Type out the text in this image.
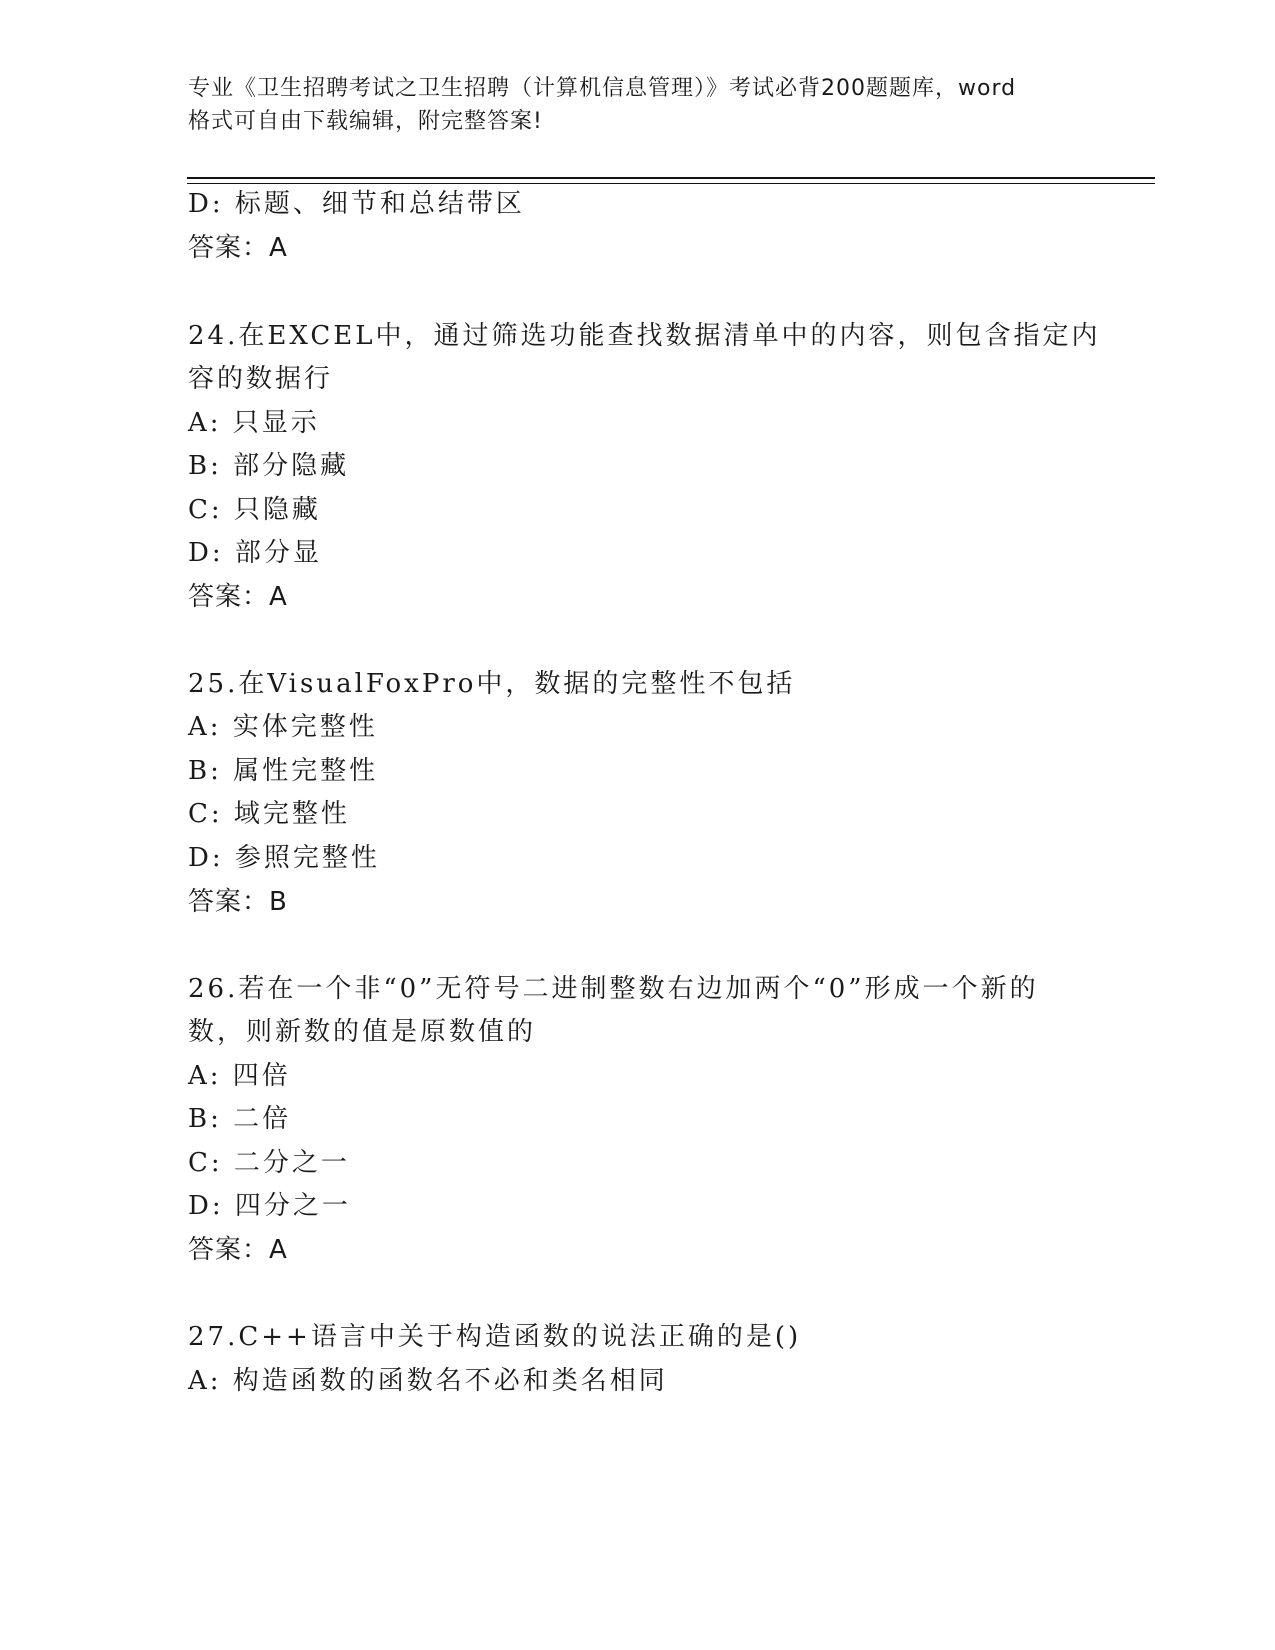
专业《卫生招聘考试之卫生招聘（计算机信息管理）》考试必背200题题库，word
格式可自由下载编辑，附完整答案!
D: 标题、细节和总结带区
答案：A
24.在EXCEL中，通过筛选功能查找数据清单中的内容，则包含指定内
容的数据行
A: 只显示
B: 部分隐藏
C: 只隐藏
D: 部分显
答案：A
25.在VisualFoxPro中，数据的完整性不包括
A: 实体完整性
B: 属性完整性
C: 域完整性
D: 参照完整性
答案：B
26.若在一个非“0”无符号二进制整数右边加两个“0”形成一个新的
数，则新数的值是原数值的
A: 四倍
B: 二倍
C: 二分之一
D: 四分之一
答案：A
27.C++语言中关于构造函数的说法正确的是()
A: 构造函数的函数名不必和类名相同
